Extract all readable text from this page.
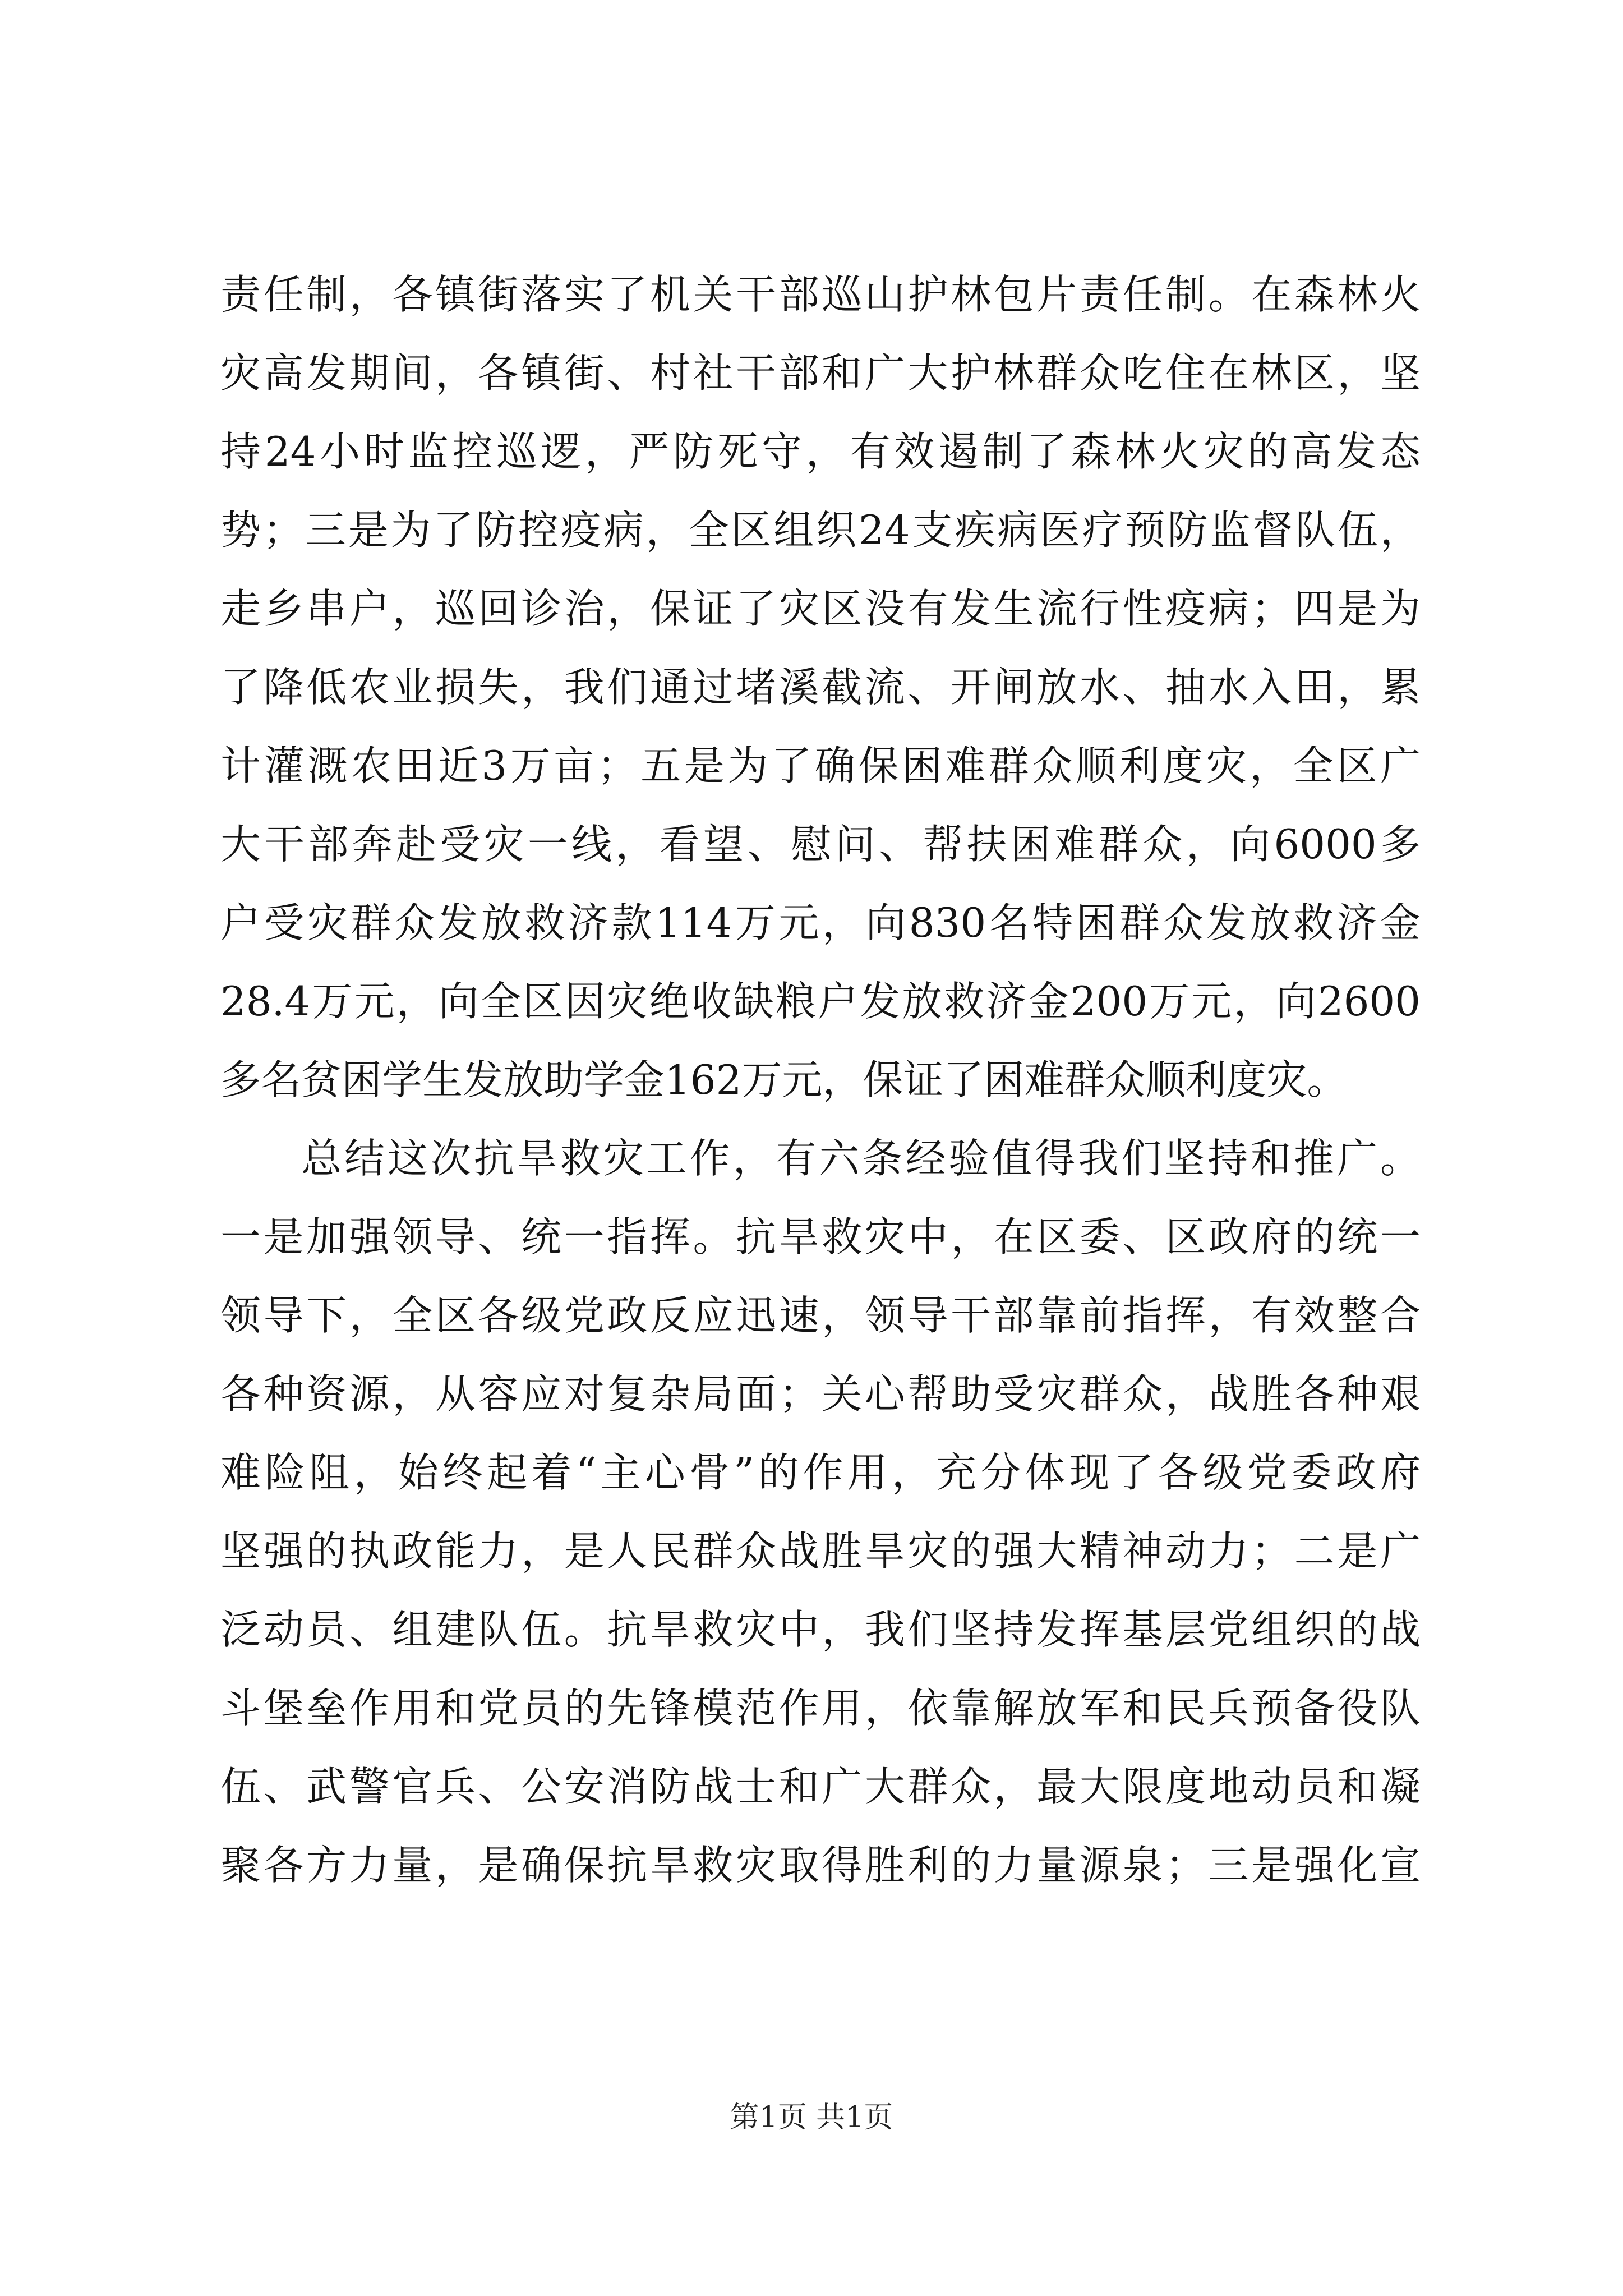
责任制，各镇街落实了机关干部巡山护林包片责任制。在森林火
灾高发期间，各镇街、村社干部和广大护林群众吃住在林区，坚
持24小时监控巡逻，严防死守，有效遏制了森林火灾的高发态
势；三是为了防控疫病，全区组织24支疾病医疗预防监督队伍，
走乡串户，巡回诊治，保证了灾区没有发生流行性疫病；四是为
了降低农业损失，我们通过堵溪截流、开闸放水、抽水入田，累
计灌溉农田近3万亩；五是为了确保困难群众顺利度灾，全区广
大干部奔赴受灾一线，看望、慰问、帮扶困难群众，向6000多
户受灾群众发放救济款114万元，向830名特困群众发放救济金
28.4万元，向全区因灾绝收缺粮户发放救济金200万元，向2600
多名贫困学生发放助学金162万元，保证了困难群众顺利度灾。
总结这次抗旱救灾工作，有六条经验值得我们坚持和推广。
一是加强领导、统一指挥。抗旱救灾中，在区委、区政府的统一
领导下，全区各级党政反应迅速，领导干部靠前指挥，有效整合
各种资源，从容应对复杂局面；关心帮助受灾群众，战胜各种艰
难险阻，始终起着“主心骨”的作用，充分体现了各级党委政府
坚强的执政能力，是人民群众战胜旱灾的强大精神动力；二是广
泛动员、组建队伍。抗旱救灾中，我们坚持发挥基层党组织的战
斗堡垒作用和党员的先锋模范作用，依靠解放军和民兵预备役队
伍、武警官兵、公安消防战士和广大群众，最大限度地动员和凝
聚各方力量，是确保抗旱救灾取得胜利的力量源泉；三是强化宣
第1页 共1页
